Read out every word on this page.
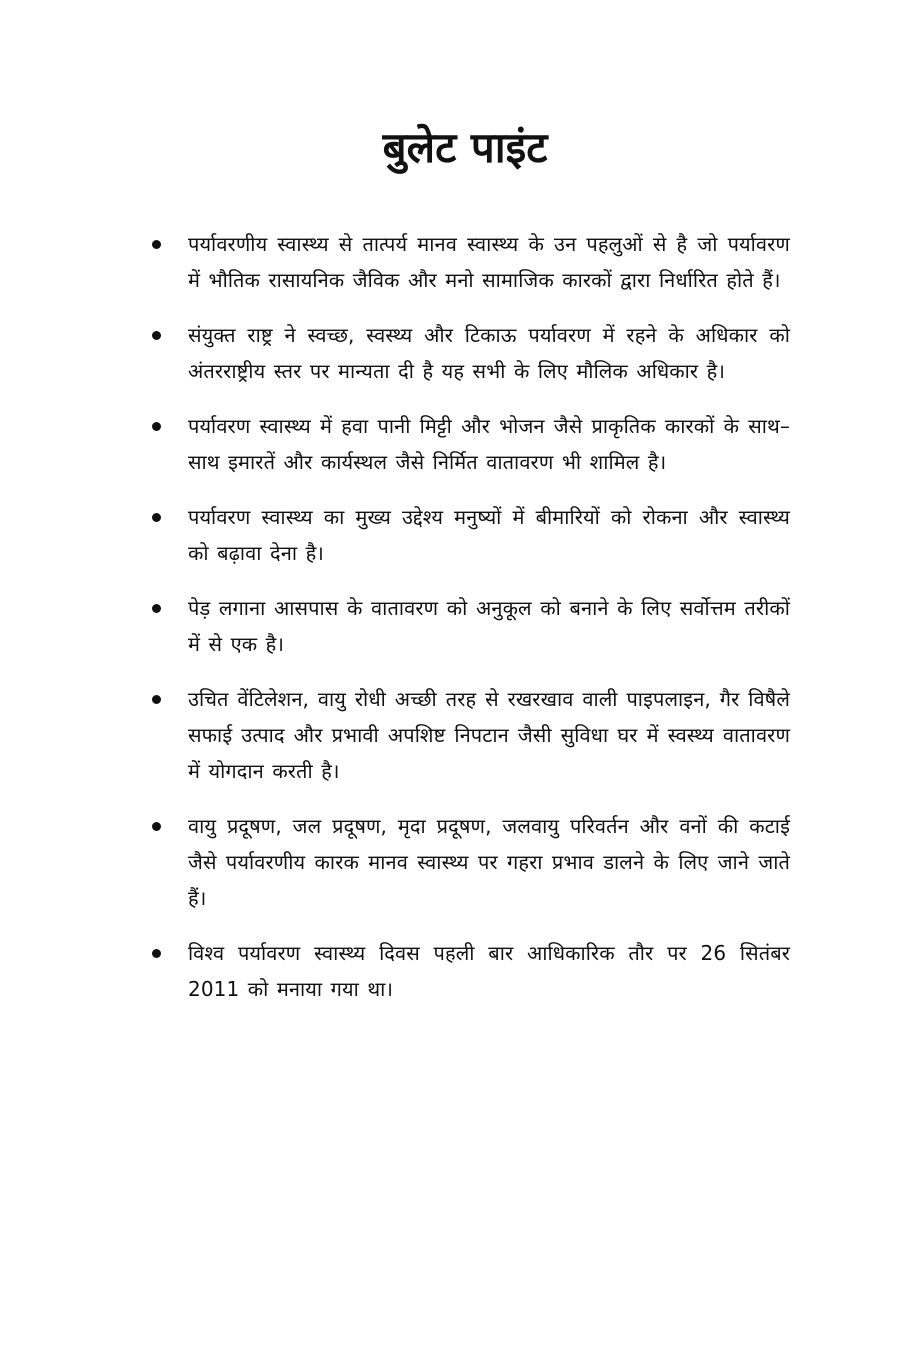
बुलेट पाइंट
पर्यावरणीय स्वास्थ्य से तात्पर्य मानव स्वास्थ्य के उन पहलुओं से है जो पर्यावरण में भौतिक रासायनिक जैविक और मनो सामाजिक कारकों द्वारा निर्धारित होते हैं।
संयुक्त राष्ट्र ने स्वच्छ, स्वस्थ्य और टिकाऊ पर्यावरण में रहने के अधिकार को अंतरराष्ट्रीय स्तर पर मान्यता दी है यह सभी के लिए मौलिक अधिकार है।
पर्यावरण स्वास्थ्य में हवा पानी मिट्टी और भोजन जैसे प्राकृतिक कारकों के साथ–साथ इमारतें और कार्यस्थल जैसे निर्मित वातावरण भी शामिल है।
पर्यावरण स्वास्थ्य का मुख्य उद्देश्य मनुष्यों में बीमारियों को रोकना और स्वास्थ्य को बढ़ावा देना है।
पेड़ लगाना आसपास के वातावरण को अनुकूल को बनाने के लिए सर्वोत्तम तरीकों में से एक है।
उचित वेंटिलेशन, वायु रोधी अच्छी तरह से रखरखाव वाली पाइपलाइन, गैर विषैले सफाई उत्पाद और प्रभावी अपशिष्ट निपटान जैसी सुविधा घर में स्वस्थ्य वातावरण में योगदान करती है।
वायु प्रदूषण, जल प्रदूषण, मृदा प्रदूषण, जलवायु परिवर्तन और वनों की कटाई जैसे पर्यावरणीय कारक मानव स्वास्थ्य पर गहरा प्रभाव डालने के लिए जाने जाते हैं।
विश्व पर्यावरण स्वास्थ्य दिवस पहली बार आधिकारिक तौर पर 26 सितंबर 2011 को मनाया गया था।
